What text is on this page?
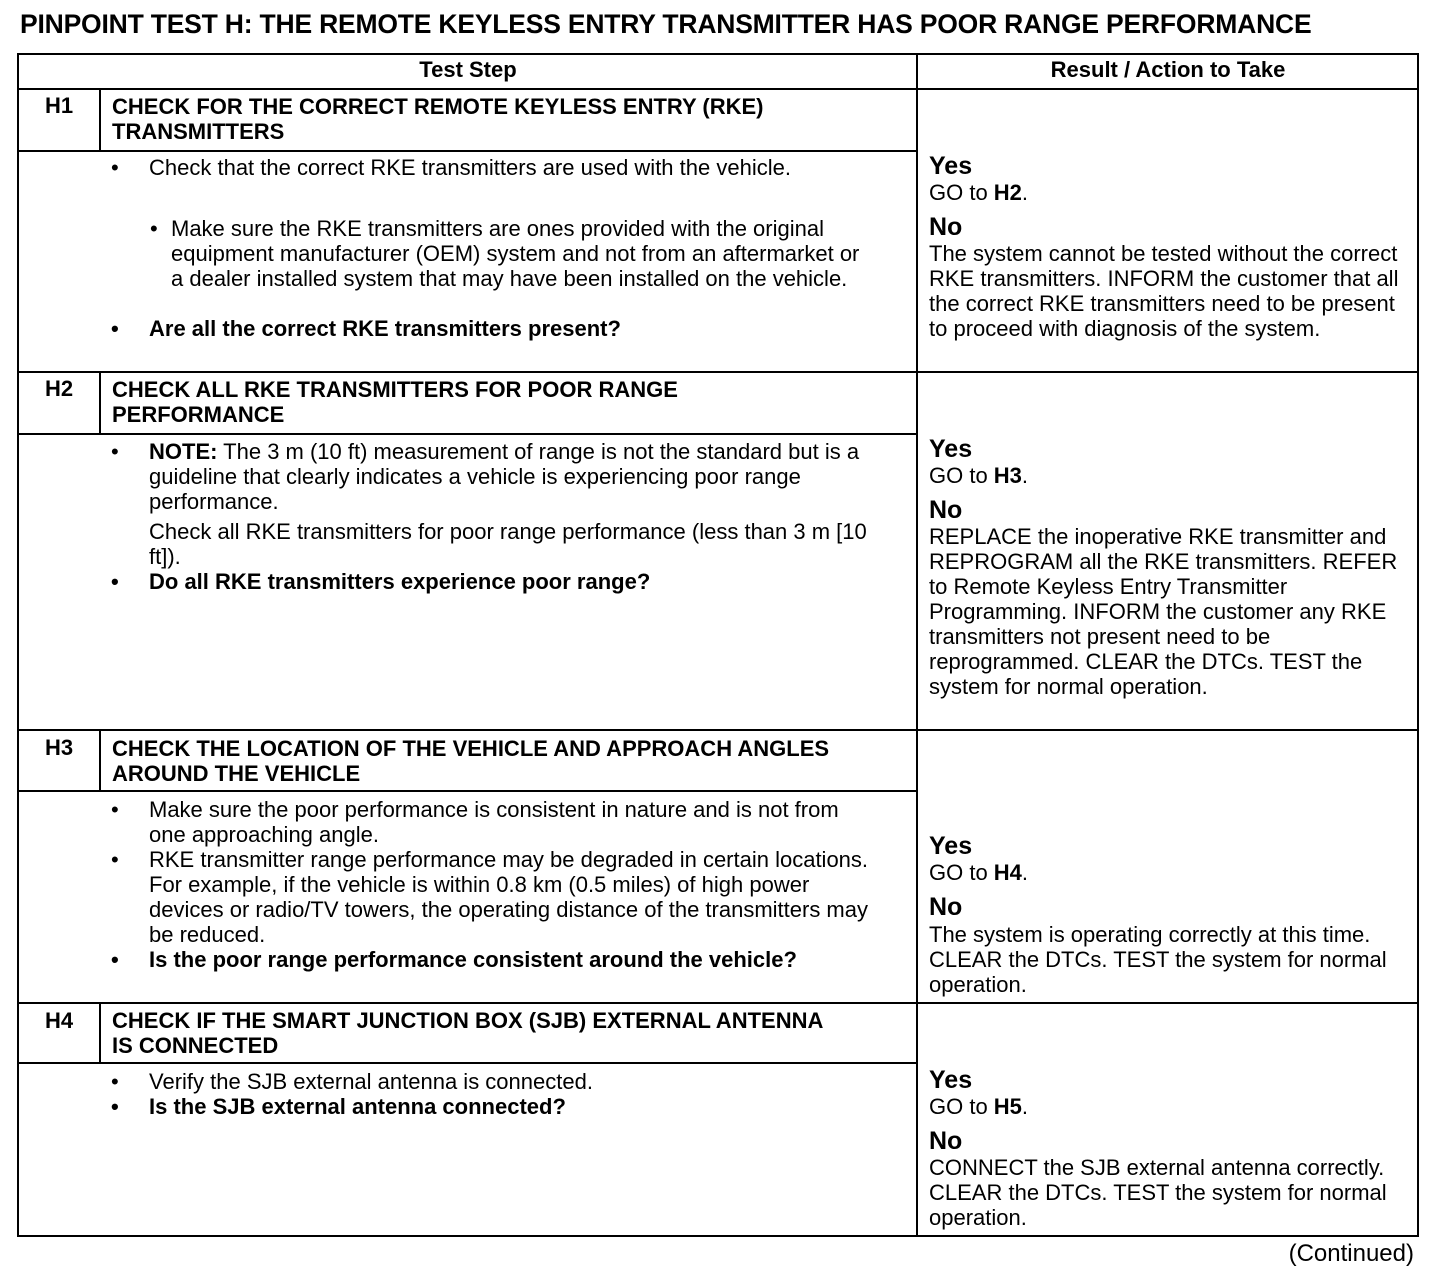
PINPOINT TEST H: THE REMOTE KEYLESS ENTRY TRANSMITTER HAS POOR RANGE PERFORMANCE
Test Step	Result / Action to Take
H1	CHECK FOR THE CORRECT REMOTE KEYLESS ENTRY (RKE) TRANSMITTERS
• Check that the correct RKE transmitters are used with the vehicle.
• Make sure the RKE transmitters are ones provided with the original equipment manufacturer (OEM) system and not from an aftermarket or a dealer installed system that may have been installed on the vehicle.
• Are all the correct RKE transmitters present?
Yes
GO to H2.
No
The system cannot be tested without the correct RKE transmitters. INFORM the customer that all the correct RKE transmitters need to be present to proceed with diagnosis of the system.
H2	CHECK ALL RKE TRANSMITTERS FOR POOR RANGE PERFORMANCE
• NOTE: The 3 m (10 ft) measurement of range is not the standard but is a guideline that clearly indicates a vehicle is experiencing poor range performance.
Check all RKE transmitters for poor range performance (less than 3 m [10 ft]).
• Do all RKE transmitters experience poor range?
Yes
GO to H3.
No
REPLACE the inoperative RKE transmitter and REPROGRAM all the RKE transmitters. REFER to Remote Keyless Entry Transmitter Programming. INFORM the customer any RKE transmitters not present need to be reprogrammed. CLEAR the DTCs. TEST the system for normal operation.
H3	CHECK THE LOCATION OF THE VEHICLE AND APPROACH ANGLES AROUND THE VEHICLE
• Make sure the poor performance is consistent in nature and is not from one approaching angle.
• RKE transmitter range performance may be degraded in certain locations. For example, if the vehicle is within 0.8 km (0.5 miles) of high power devices or radio/TV towers, the operating distance of the transmitters may be reduced.
• Is the poor range performance consistent around the vehicle?
Yes
GO to H4.
No
The system is operating correctly at this time. CLEAR the DTCs. TEST the system for normal operation.
H4	CHECK IF THE SMART JUNCTION BOX (SJB) EXTERNAL ANTENNA IS CONNECTED
• Verify the SJB external antenna is connected.
• Is the SJB external antenna connected?
Yes
GO to H5.
No
CONNECT the SJB external antenna correctly. CLEAR the DTCs. TEST the system for normal operation.
(Continued)
